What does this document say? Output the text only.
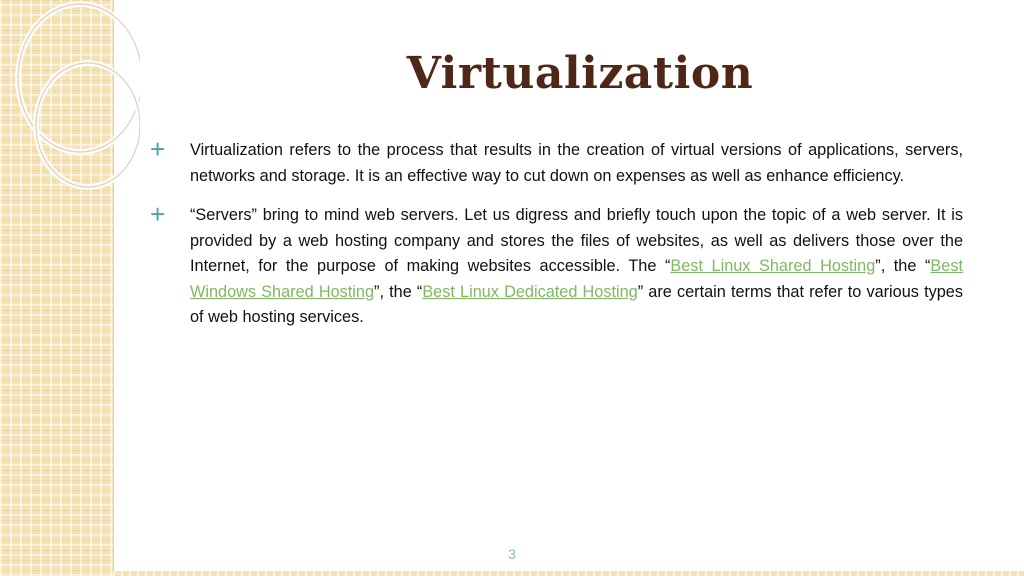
Virtualization
+ Virtualization refers to the process that results in the creation of virtual versions of applications, servers, networks and storage. It is an effective way to cut down on expenses as well as enhance efficiency.
+ “Servers” bring to mind web servers. Let us digress and briefly touch upon the topic of a web server. It is provided by a web hosting company and stores the files of websites, as well as delivers those over the Internet, for the purpose of making websites accessible. The “Best Linux Shared Hosting”, the “Best Windows Shared Hosting”, the “Best Linux Dedicated Hosting” are certain terms that refer to various types of web hosting services.
3
